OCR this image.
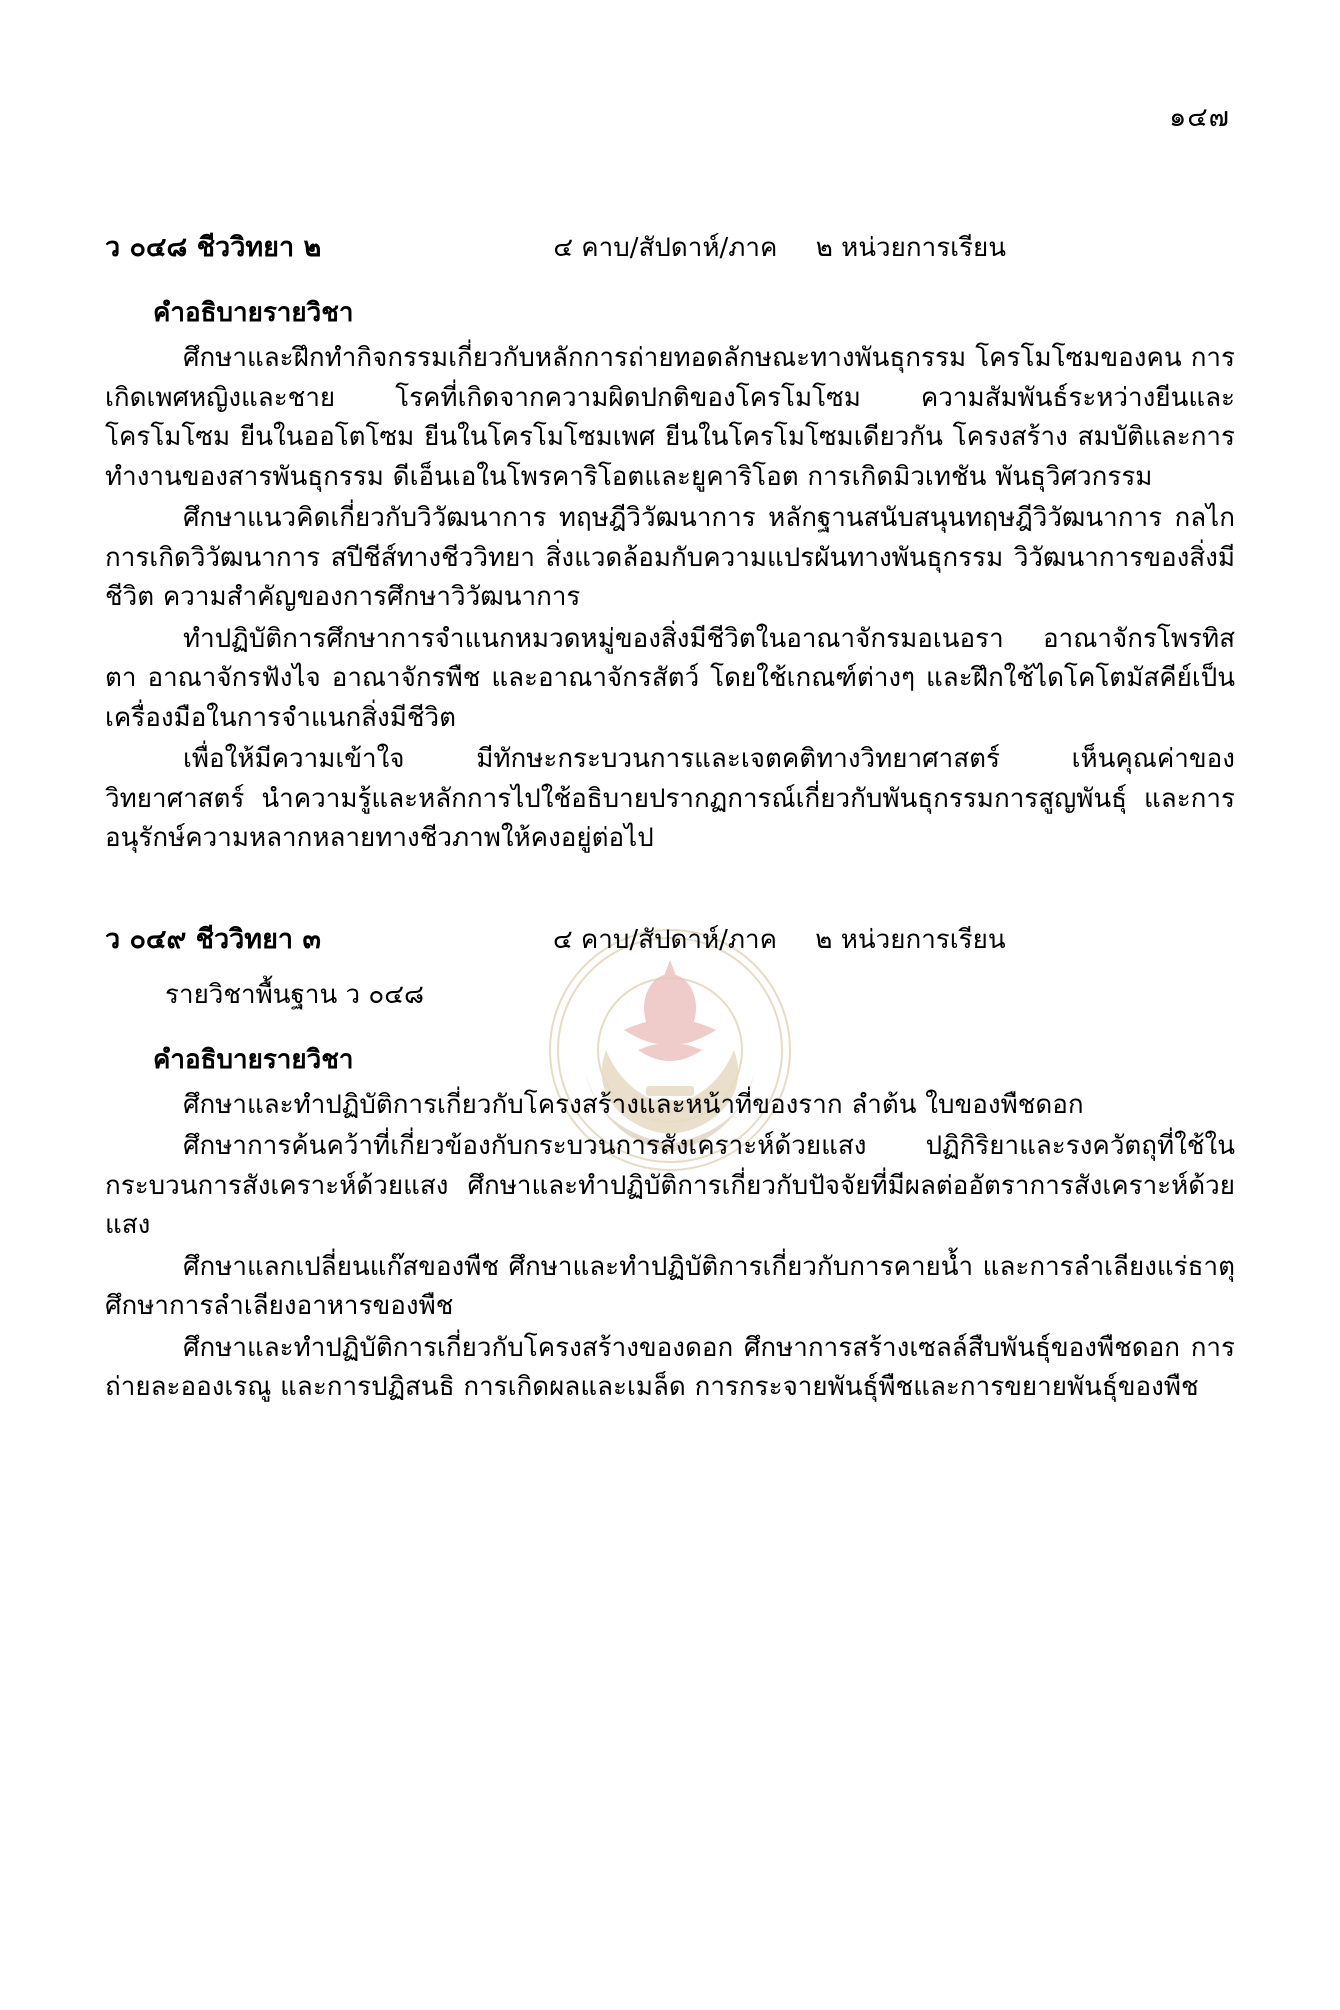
๑๔๗
ว ๐๔๘ ชีววิทยา ๒	๔ คาบ/สัปดาห์/ภาค ๒ หน่วยการเรียน
คำอธิบายรายวิชา

ศึกษาและฝึกทำกิจกรรมเกี่ยวกับหลักการถ่ายทอดลักษณะทางพันธุกรรม โครโมโซมของคน การเกิดเพศหญิงและชาย โรคที่เกิดจากความผิดปกติของโครโมโซม ความสัมพันธ์ระหว่างยีนและโครโมโซม ยีนในออโตโซม ยีนในโครโมโซมเพศ ยีนในโครโมโซมเดียวกัน โครงสร้าง สมบัติและการทำงานของสารพันธุกรรม ดีเอ็นเอในโพรคาริโอตและยูคาริโอต การเกิดมิวเทชัน พันธุวิศวกรรม

ศึกษาแนวคิดเกี่ยวกับวิวัฒนาการ ทฤษฎีวิวัฒนาการ หลักฐานสนับสนุนทฤษฎีวิวัฒนาการ กลไกการเกิดวิวัฒนาการ สปีชีส์ทางชีววิทยา สิ่งแวดล้อมกับความแปรผันทางพันธุกรรม วิวัฒนาการของสิ่งมีชีวิต ความสำคัญของการศึกษาวิวัฒนาการ

ทำปฏิบัติการศึกษาการจำแนกหมวดหมู่ของสิ่งมีชีวิตในอาณาจักรมอเนอรา อาณาจักรโพรทิสตา อาณาจักรฟังไจ อาณาจักรพืช และอาณาจักรสัตว์ โดยใช้เกณฑ์ต่างๆ และฝึกใช้ไดโคโตมัสคีย์เป็นเครื่องมือในการจำแนกสิ่งมีชีวิต

เพื่อให้มีความเข้าใจ มีทักษะกระบวนการและเจตคติทางวิทยาศาสตร์ เห็นคุณค่าของวิทยาศาสตร์ นำความรู้และหลักการไปใช้อธิบายปรากฏการณ์เกี่ยวกับพันธุกรรมการสูญพันธุ์ และการอนุรักษ์ความหลากหลายทางชีวภาพให้คงอยู่ต่อไป

ว ๐๔๙ ชีววิทยา ๓	๔ คาบ/สัปดาห์/ภาค ๒ หน่วยการเรียน
รายวิชาพื้นฐาน ว ๐๔๘
คำอธิบายรายวิชา

ศึกษาและทำปฏิบัติการเกี่ยวกับโครงสร้างและหน้าที่ของราก ลำต้น ใบของพืชดอก

ศึกษาการค้นคว้าที่เกี่ยวข้องกับกระบวนการสังเคราะห์ด้วยแสง ปฏิกิริยาและรงควัตถุที่ใช้ในกระบวนการสังเคราะห์ด้วยแสง ศึกษาและทำปฏิบัติการเกี่ยวกับปัจจัยที่มีผลต่ออัตราการสังเคราะห์ด้วยแสง

ศึกษาแลกเปลี่ยนแก๊สของพืช ศึกษาและทำปฏิบัติการเกี่ยวกับการคายน้ำ และการลำเลียงแร่ธาตุ ศึกษาการลำเลียงอาหารของพืช

ศึกษาและทำปฏิบัติการเกี่ยวกับโครงสร้างของดอก ศึกษาการสร้างเซลล์สืบพันธุ์ของพืชดอก การถ่ายละอองเรณู และการปฏิสนธิ การเกิดผลและเมล็ด การกระจายพันธุ์พืชและการขยายพันธุ์ของพืช
